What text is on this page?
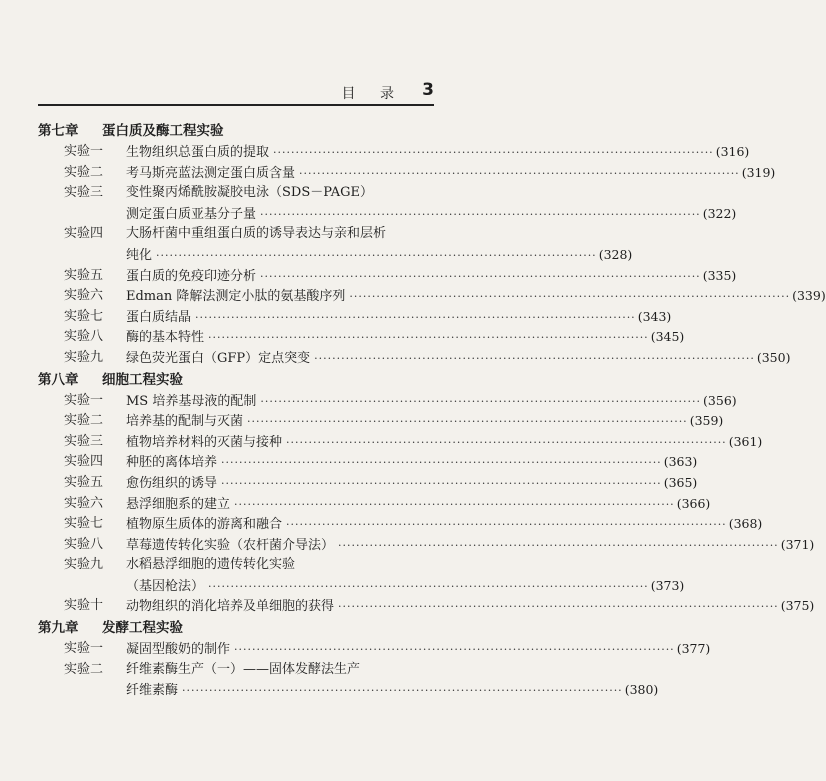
目 录 3
第七章 蛋白质及酶工程实验
实验一 生物组织总蛋白质的提取 ·································································································· (316)
实验二 考马斯亮蓝法测定蛋白质含量 ·································································································· (319)
实验三 变性聚丙烯酰胺凝胶电泳（SDS－PAGE）
测定蛋白质亚基分子量 ·································································································· (322)
实验四 大肠杆菌中重组蛋白质的诱导表达与亲和层析
纯化 ·································································································· (328)
实验五 蛋白质的免疫印迹分析 ·································································································· (335)
实验六 Edman 降解法测定小肽的氨基酸序列 ·································································································· (339)
实验七 蛋白质结晶 ·································································································· (343)
实验八 酶的基本特性 ·································································································· (345)
实验九 绿色荧光蛋白（GFP）定点突变 ·································································································· (350)
第八章 细胞工程实验
实验一 MS 培养基母液的配制 ·································································································· (356)
实验二 培养基的配制与灭菌 ·································································································· (359)
实验三 植物培养材料的灭菌与接种 ·································································································· (361)
实验四 种胚的离体培养 ·································································································· (363)
实验五 愈伤组织的诱导 ·································································································· (365)
实验六 悬浮细胞系的建立 ·································································································· (366)
实验七 植物原生质体的游离和融合 ·································································································· (368)
实验八 草莓遗传转化实验（农杆菌介导法） ·································································································· (371)
实验九 水稻悬浮细胞的遗传转化实验
（基因枪法） ·································································································· (373)
实验十 动物组织的消化培养及单细胞的获得 ·································································································· (375)
第九章 发酵工程实验
实验一 凝固型酸奶的制作 ·································································································· (377)
实验二 纤维素酶生产（一）——固体发酵法生产
纤维素酶 ·································································································· (380)
